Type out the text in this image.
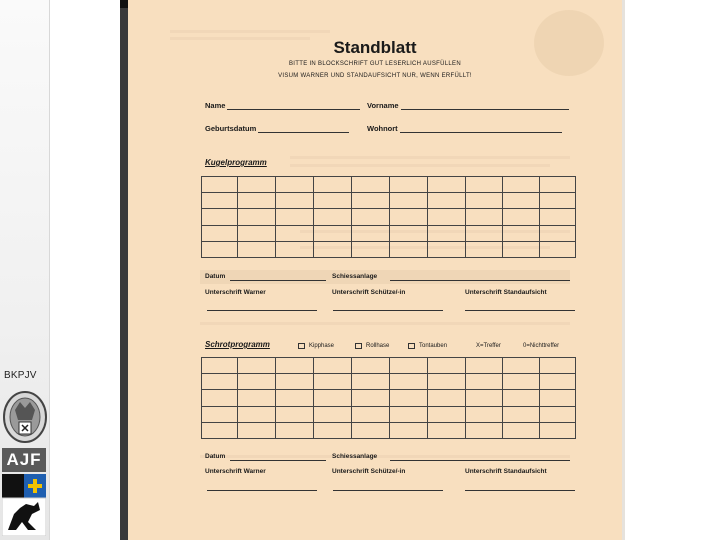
BKPJV
AJF
Standblatt
BITTE IN BLOCKSCHRIFT GUT LESERLICH AUSFÜLLEN
VISUM WARNER UND STANDAUFSICHT NUR, WENN ERFÜLLT!
Name	Vorname
Geburtsdatum	Wohnort
Kugelprogramm

Datum	Schiessanlage
Unterschrift Warner	Unterschrift Schütze/-in	Unterschrift Standaufsicht
Schrotprogramm	Kipphase	Rollhase	Tontauben	X=Treffer	0=Nichttreffer

Datum	Schiessanlage
Unterschrift Warner	Unterschrift Schütze/-in	Unterschrift Standaufsicht
